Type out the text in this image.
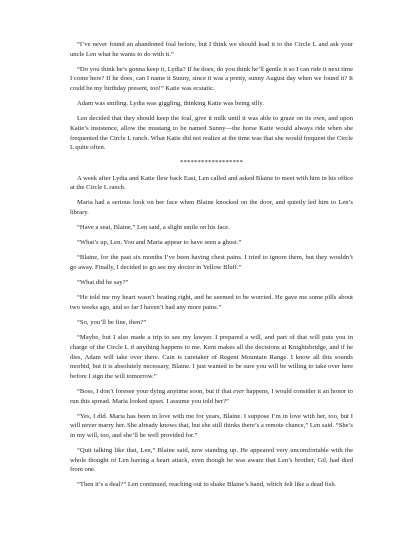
“I’ve never found an abandoned foal before, but I think we should lead it to the Circle L and ask your uncle Len what he wants to do with it.”

“Do you think he’s gonna keep it, Lydia? If he does, do you think he’ll gentle it so I can ride it next time I come here? If he does, can I name it Sunny, since it was a pretty, sunny August day when we found it? It could be my birthday present, too!” Katie was ecstatic.

Adam was smiling. Lydia was giggling, thinking Katie was being silly.

Len decided that they should keep the foal, give it milk until it was able to graze on its own, and upon Katie’s insistence, allow the mustang to be named Sunny—the horse Katie would always ride when she frequented the Circle L ranch. What Katie did not realize at the time was that she would frequent the Circle L quite often.

******************

A week after Lydia and Katie flew back East, Len called and asked Blaine to meet with him in his office at the Circle L ranch.

Maria had a serious look on her face when Blaine knocked on the door, and quietly led him to Len’s library.

“Have a seat, Blaine,” Len said, a slight smile on his face.

“What’s up, Len. You and Maria appear to have seen a ghost.”

“Blaine, for the past six months I’ve been having chest pains. I tried to ignore them, but they wouldn’t go away. Finally, I decided to go see my doctor in Yellow Bluff.”

“What did he say?”

“He told me my heart wasn’t beating right, and he seemed to be worried. He gave me some pills about two weeks ago, and so far I haven’t had any more pains.”

“So, you’ll be fine, then?”

“Maybe, but I also made a trip to see my lawyer. I prepared a will, and part of that will puts you in charge of the Circle L if anything happens to me. Kent makes all the decisions at Knightsbridge, and if he dies, Adam will take over there. Cain is caretaker of Regent Mountain Range. I know all this sounds morbid, but it is absolutely necessary, Blaine. I just wanted to be sure you will be willing to take over here before I sign the will tomorrow.”

“Boss, I don’t foresee your dying anytime soon, but if that ever happens, I would consider it an honor to run this spread. Maria looked upset. I assume you told her?”

“Yes, I did. Maria has been in love with me for years, Blaine. I suppose I’m in love with her, too, but I will never marry her. She already knows that, but she still thinks there’s a remote chance,” Len said. “She’s in my will, too, and she’ll be well provided for.”

“Quit talking like that, Len,” Blaine said, now standing up. He appeared very uncomfortable with the whole thought of Len having a heart attack, even though he was aware that Len’s brother, Gil, had died from one.

“Then it’s a deal?” Len continued, reaching out to shake Blaine’s hand, which felt like a dead fish.
